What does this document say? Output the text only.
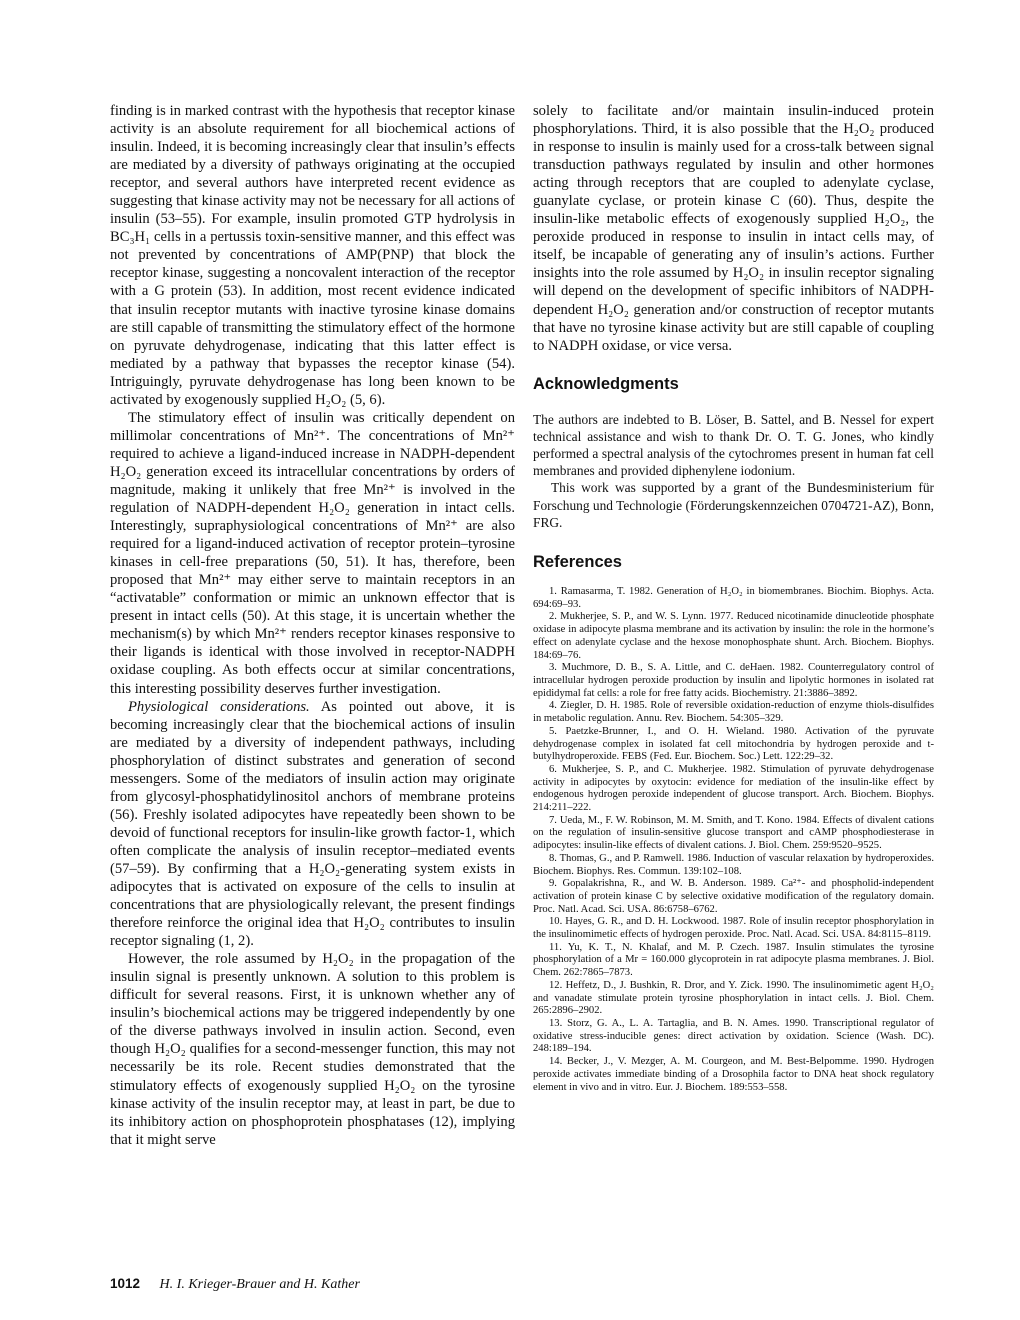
finding is in marked contrast with the hypothesis that receptor kinase activity is an absolute requirement for all biochemical actions of insulin. Indeed, it is becoming increasingly clear that insulin’s effects are mediated by a diversity of pathways originating at the occupied receptor, and several authors have interpreted recent evidence as suggesting that kinase activity may not be necessary for all actions of insulin (53–55). For example, insulin promoted GTP hydrolysis in BC₃H₁ cells in a pertussis toxin-sensitive manner, and this effect was not prevented by concentrations of AMP(PNP) that block the receptor kinase, suggesting a noncovalent interaction of the receptor with a G protein (53). In addition, most recent evidence indicated that insulin receptor mutants with inactive tyrosine kinase domains are still capable of transmitting the stimulatory effect of the hormone on pyruvate dehydrogenase, indicating that this latter effect is mediated by a pathway that bypasses the receptor kinase (54). Intriguingly, pyruvate dehydrogenase has long been known to be activated by exogenously supplied H₂O₂ (5, 6).

The stimulatory effect of insulin was critically dependent on millimolar concentrations of Mn²⁺. The concentrations of Mn²⁺ required to achieve a ligand-induced increase in NADPH-dependent H₂O₂ generation exceed its intracellular concentrations by orders of magnitude, making it unlikely that free Mn²⁺ is involved in the regulation of NADPH-dependent H₂O₂ generation in intact cells. Interestingly, supraphysiological concentrations of Mn²⁺ are also required for a ligand-induced activation of receptor protein–tyrosine kinases in cell-free preparations (50, 51). It has, therefore, been proposed that Mn²⁺ may either serve to maintain receptors in an “activatable” conformation or mimic an unknown effector that is present in intact cells (50). At this stage, it is uncertain whether the mechanism(s) by which Mn²⁺ renders receptor kinases responsive to their ligands is identical with those involved in receptor-NADPH oxidase coupling. As both effects occur at similar concentrations, this interesting possibility deserves further investigation.

Physiological considerations. As pointed out above, it is becoming increasingly clear that the biochemical actions of insulin are mediated by a diversity of independent pathways, including phosphorylation of distinct substrates and generation of second messengers. Some of the mediators of insulin action may originate from glycosyl-phosphatidylinositol anchors of membrane proteins (56). Freshly isolated adipocytes have repeatedly been shown to be devoid of functional receptors for insulin-like growth factor-1, which often complicate the analysis of insulin receptor–mediated events (57–59). By confirming that a H₂O₂-generating system exists in adipocytes that is activated on exposure of the cells to insulin at concentrations that are physiologically relevant, the present findings therefore reinforce the original idea that H₂O₂ contributes to insulin receptor signaling (1, 2).

However, the role assumed by H₂O₂ in the propagation of the insulin signal is presently unknown. A solution to this problem is difficult for several reasons. First, it is unknown whether any of insulin’s biochemical actions may be triggered independently by one of the diverse pathways involved in insulin action. Second, even though H₂O₂ qualifies for a second-messenger function, this may not necessarily be its role. Recent studies demonstrated that the stimulatory effects of exogenously supplied H₂O₂ on the tyrosine kinase activity of the insulin receptor may, at least in part, be due to its inhibitory action on phosphoprotein phosphatases (12), implying that it might serve

solely to facilitate and/or maintain insulin-induced protein phosphorylations. Third, it is also possible that the H₂O₂ produced in response to insulin is mainly used for a cross-talk between signal transduction pathways regulated by insulin and other hormones acting through receptors that are coupled to adenylate cyclase, guanylate cyclase, or protein kinase C (60). Thus, despite the insulin-like metabolic effects of exogenously supplied H₂O₂, the peroxide produced in response to insulin in intact cells may, of itself, be incapable of generating any of insulin’s actions. Further insights into the role assumed by H₂O₂ in insulin receptor signaling will depend on the development of specific inhibitors of NADPH-dependent H₂O₂ generation and/or construction of receptor mutants that have no tyrosine kinase activity but are still capable of coupling to NADPH oxidase, or vice versa.

Acknowledgments

The authors are indebted to B. Löser, B. Sattel, and B. Nessel for expert technical assistance and wish to thank Dr. O. T. G. Jones, who kindly performed a spectral analysis of the cytochromes present in human fat cell membranes and provided diphenylene iodonium.

This work was supported by a grant of the Bundesministerium für Forschung und Technologie (Förderungskennzeichen 0704721-AZ), Bonn, FRG.

References
1. Ramasarma, T. 1982. Generation of H₂O₂ in biomembranes. Biochim. Biophys. Acta. 694:69–93.
2. Mukherjee, S. P., and W. S. Lynn. 1977. Reduced nicotinamide dinucleotide phosphate oxidase in adipocyte plasma membrane and its activation by insulin: the role in the hormone’s effect on adenylate cyclase and the hexose monophosphate shunt. Arch. Biochem. Biophys. 184:69–76.
3. Muchmore, D. B., S. A. Little, and C. deHaen. 1982. Counterregulatory control of intracellular hydrogen peroxide production by insulin and lipolytic hormones in isolated rat epididymal fat cells: a role for free fatty acids. Biochemistry. 21:3886–3892.
4. Ziegler, D. H. 1985. Role of reversible oxidation-reduction of enzyme thiols-disulfides in metabolic regulation. Annu. Rev. Biochem. 54:305–329.
5. Paetzke-Brunner, I., and O. H. Wieland. 1980. Activation of the pyruvate dehydrogenase complex in isolated fat cell mitochondria by hydrogen peroxide and t-butylhydroperoxide. FEBS (Fed. Eur. Biochem. Soc.) Lett. 122:29–32.
6. Mukherjee, S. P., and C. Mukherjee. 1982. Stimulation of pyruvate dehydrogenase activity in adipocytes by oxytocin: evidence for mediation of the insulin-like effect by endogenous hydrogen peroxide independent of glucose transport. Arch. Biochem. Biophys. 214:211–222.
7. Ueda, M., F. W. Robinson, M. M. Smith, and T. Kono. 1984. Effects of divalent cations on the regulation of insulin-sensitive glucose transport and cAMP phosphodiesterase in adipocytes: insulin-like effects of divalent cations. J. Biol. Chem. 259:9520–9525.
8. Thomas, G., and P. Ramwell. 1986. Induction of vascular relaxation by hydroperoxides. Biochem. Biophys. Res. Commun. 139:102–108.
9. Gopalakrishna, R., and W. B. Anderson. 1989. Ca²⁺- and phospholid-independent activation of protein kinase C by selective oxidative modification of the regulatory domain. Proc. Natl. Acad. Sci. USA. 86:6758–6762.
10. Hayes, G. R., and D. H. Lockwood. 1987. Role of insulin receptor phosphorylation in the insulinomimetic effects of hydrogen peroxide. Proc. Natl. Acad. Sci. USA. 84:8115–8119.
11. Yu, K. T., N. Khalaf, and M. P. Czech. 1987. Insulin stimulates the tyrosine phosphorylation of a Mr = 160.000 glycoprotein in rat adipocyte plasma membranes. J. Biol. Chem. 262:7865–7873.
12. Heffetz, D., J. Bushkin, R. Dror, and Y. Zick. 1990. The insulinomimetic agent H₂O₂ and vanadate stimulate protein tyrosine phosphorylation in intact cells. J. Biol. Chem. 265:2896–2902.
13. Storz, G. A., L. A. Tartaglia, and B. N. Ames. 1990. Transcriptional regulator of oxidative stress-inducible genes: direct activation by oxidation. Science (Wash. DC). 248:189–194.
14. Becker, J., V. Mezger, A. M. Courgeon, and M. Best-Belpomme. 1990. Hydrogen peroxide activates immediate binding of a Drosophila factor to DNA heat shock regulatory element in vivo and in vitro. Eur. J. Biochem. 189:553–558.
1012 H. I. Krieger-Brauer and H. Kather
